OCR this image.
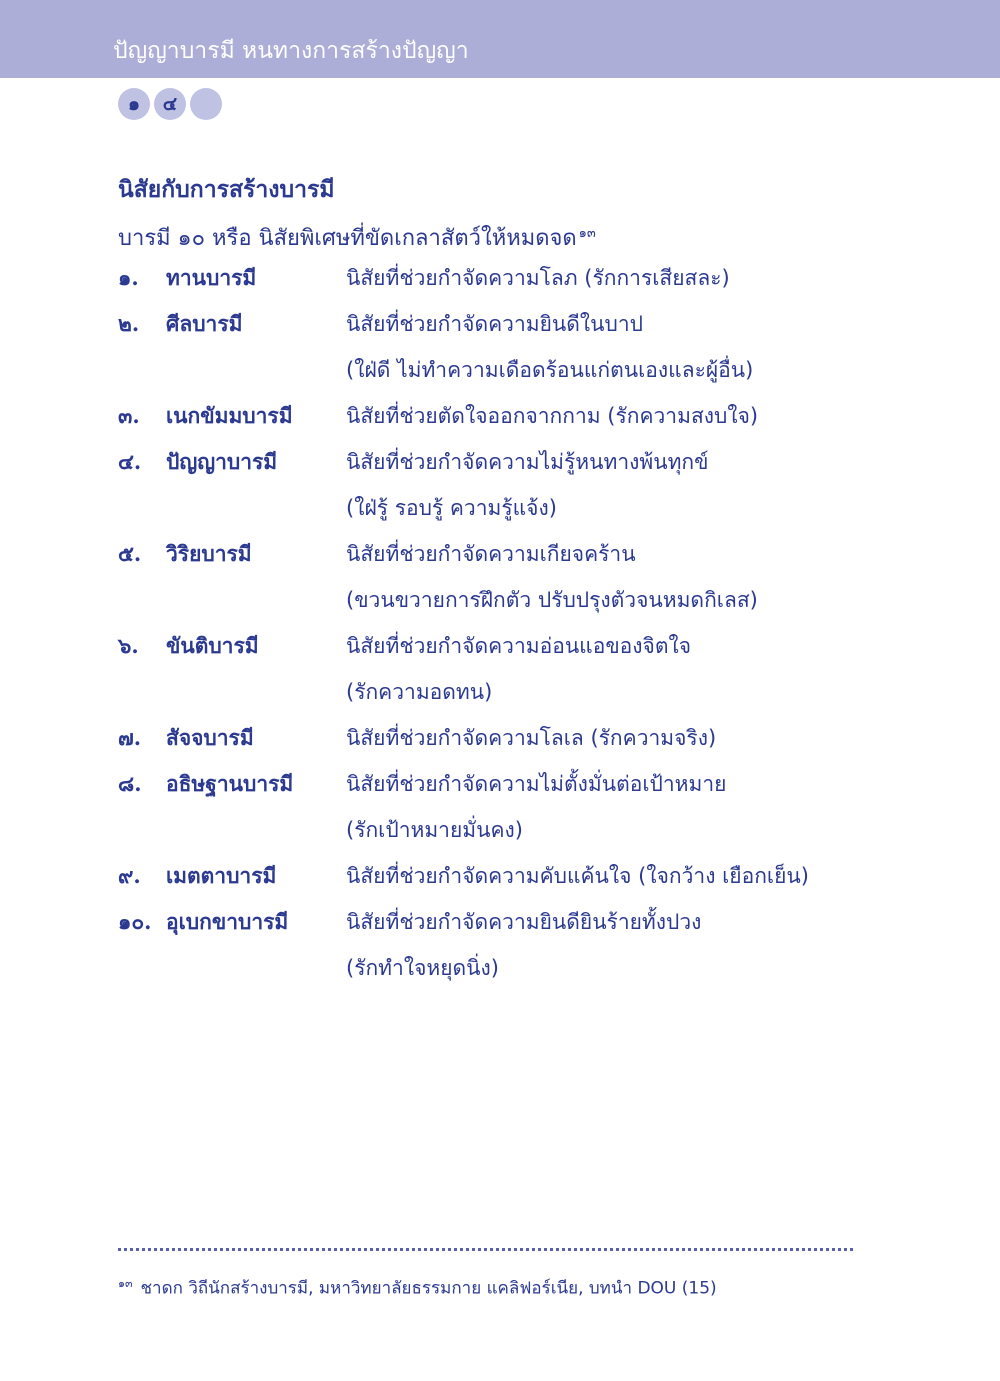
ปัญญาบารมี หนทางการสร้างปัญญา
๑	๔
นิสัยกับการสร้างบารมี
บารมี ๑๐ หรือ นิสัยพิเศษที่ขัดเกลาสัตว์ให้หมดจด $^{๑๓}$
๑. ทานบารมี	นิสัยที่ช่วยกำจัดความโลภ (รักการเสียสละ)
๒. ศีลบารมี	นิสัยที่ช่วยกำจัดความยินดีในบาป
(ใฝ่ดี ไม่ทำความเดือดร้อนแก่ตนเองและผู้อื่น)
๓. เนกขัมมบารมี	นิสัยที่ช่วยตัดใจออกจากกาม (รักความสงบใจ)
๔. ปัญญาบารมี	นิสัยที่ช่วยกำจัดความไม่รู้หนทางพ้นทุกข์
(ใฝ่รู้ รอบรู้ ความรู้แจ้ง)
๕. วิริยบารมี	นิสัยที่ช่วยกำจัดความเกียจคร้าน
(ขวนขวายการฝึกตัว ปรับปรุงตัวจนหมดกิเลส)
๖. ขันติบารมี	นิสัยที่ช่วยกำจัดความอ่อนแอของจิตใจ
(รักความอดทน)
๗. สัจจบารมี	นิสัยที่ช่วยกำจัดความโลเล (รักความจริง)
๘. อธิษฐานบารมี	นิสัยที่ช่วยกำจัดความไม่ตั้งมั่นต่อเป้าหมาย
(รักเป้าหมายมั่นคง)
๙. เมตตาบารมี	นิสัยที่ช่วยกำจัดความคับแค้นใจ (ใจกว้าง เยือกเย็น)
๑๐. อุเบกขาบารมี	นิสัยที่ช่วยกำจัดความยินดียินร้ายทั้งปวง
(รักทำใจหยุดนิ่ง)
$^{๑๓}$ ชาดก วิถีนักสร้างบารมี, มหาวิทยาลัยธรรมกาย แคลิฟอร์เนีย, บทนำ DOU (15)
